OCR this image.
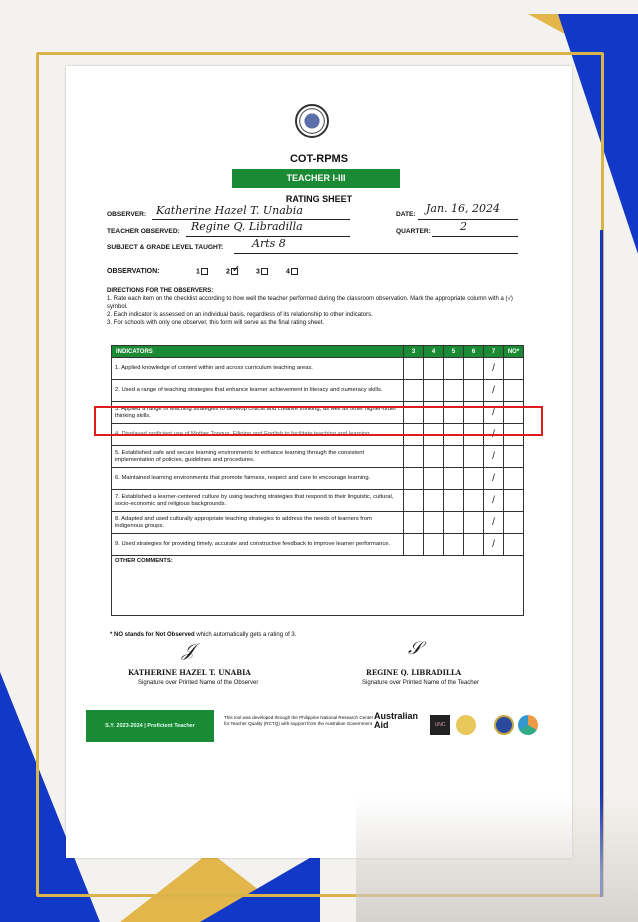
COT-RPMS
TEACHER I-III
RATING SHEET
OBSERVER: Katherine Hazel T. Unabia	DATE: Jan. 16, 2024
TEACHER OBSERVED: Regine Q. Libradilla	QUARTER:	2
SUBJECT & GRADE LEVEL TAUGHT:	Arts 8
OBSERVATION:	1	2 ✓ 3	4
DIRECTIONS FOR THE OBSERVERS:
1. Rate each item on the checklist according to how well the teacher performed during the classroom observation. Mark the appropriate column with a (√) symbol.
2. Each indicator is assessed on an individual basis, regardless of its relationship to other indicators.
3. For schools with only one observer, this form will serve as the final rating sheet.
INDICATORS	3	4	5	6	7	NO*
1. Applied knowledge of content within and across curriculum teaching areas.					/	
2. Used a range of teaching strategies that enhance learner achievement in literacy and numeracy skills.					/	
3. Applied a range of teaching strategies to develop critical and creative thinking, as well as other higher-order thinking skills.					/	
4. Displayed proficient use of Mother Tongue, Filipino and English to facilitate teaching and learning.					/	
5. Established safe and secure learning environments to enhance learning through the consistent implementation of policies, guidelines and procedures.					/	
6. Maintained learning environments that promote fairness, respect and care to encourage learning.					/	
7. Established a learner-centered culture by using teaching strategies that respond to their linguistic, cultural, socio-economic and religious backgrounds.					/	
8. Adapted and used culturally appropriate teaching strategies to address the needs of learners from indigenous groups.					/	
9. Used strategies for providing timely, accurate and constructive feedback to improve learner performance.					/	
OTHER COMMENTS:						
* NO stands for Not Observed which automatically gets a rating of 3.
𝒥
KATHERINE HAZEL T. UNABIA
Signature over Printed Name of the Observer
𝒮
REGINE Q. LIBRADILLA
Signature over Printed Name of the Teacher
S.Y. 2023-2024 | Proficient Teacher
This tool was developed through the Philippine National Research Center for Teacher Quality (RCTQ) with support from the Australian Government
Australian
Aid	UNC
